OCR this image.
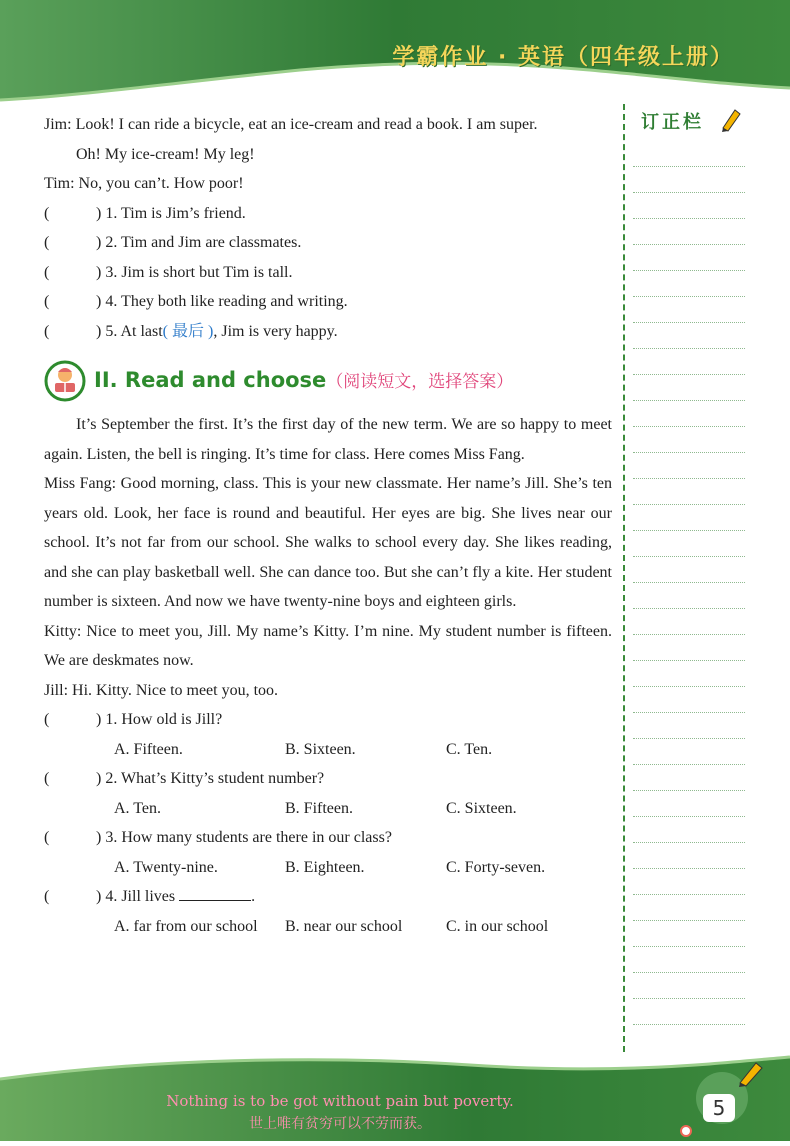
学霸作业 · 英语（四年级上册）
订正栏
Jim: Look! I can ride a bicycle, eat an ice-cream and read a book. I am super.
Oh! My ice-cream! My leg!
Tim: No, you can’t. How poor!
(	) 1. Tim is Jim’s friend.
(	) 2. Tim and Jim are classmates.
(	) 3. Jim is short but Tim is tall.
(	) 4. They both like reading and writing.
(	) 5. At last( 最后 ), Jim is very happy.
II. Read and choose（阅读短文，选择答案）
It’s September the first. It’s the first day of the new term. We are so happy to meet again. Listen, the bell is ringing. It’s time for class. Here comes Miss Fang.
Miss Fang: Good morning, class. This is your new classmate. Her name’s Jill. She’s ten years old. Look, her face is round and beautiful. Her eyes are big. She lives near our school. It’s not far from our school. She walks to school every day. She likes reading, and she can play basketball well. She can dance too. But she can’t fly a kite. Her student number is sixteen. And now we have twenty-nine boys and eighteen girls.
Kitty: Nice to meet you, Jill. My name’s Kitty. I’m nine. My student number is fifteen. We are deskmates now.
Jill: Hi. Kitty. Nice to meet you, too.
(	) 1. How old is Jill?
A. Fifteen.	B. Sixteen.	C. Ten.
(	) 2. What’s Kitty’s student number?
A. Ten.	B. Fifteen.	C. Sixteen.
(	) 3. How many students are there in our class?
A. Twenty-nine.	B. Eighteen.	C. Forty-seven.
(	) 4. Jill lives	.
A. far from our school	B. near our school	C. in our school
Nothing is to be got without pain but poverty.
世上唯有贫穷可以不劳而获。
5
